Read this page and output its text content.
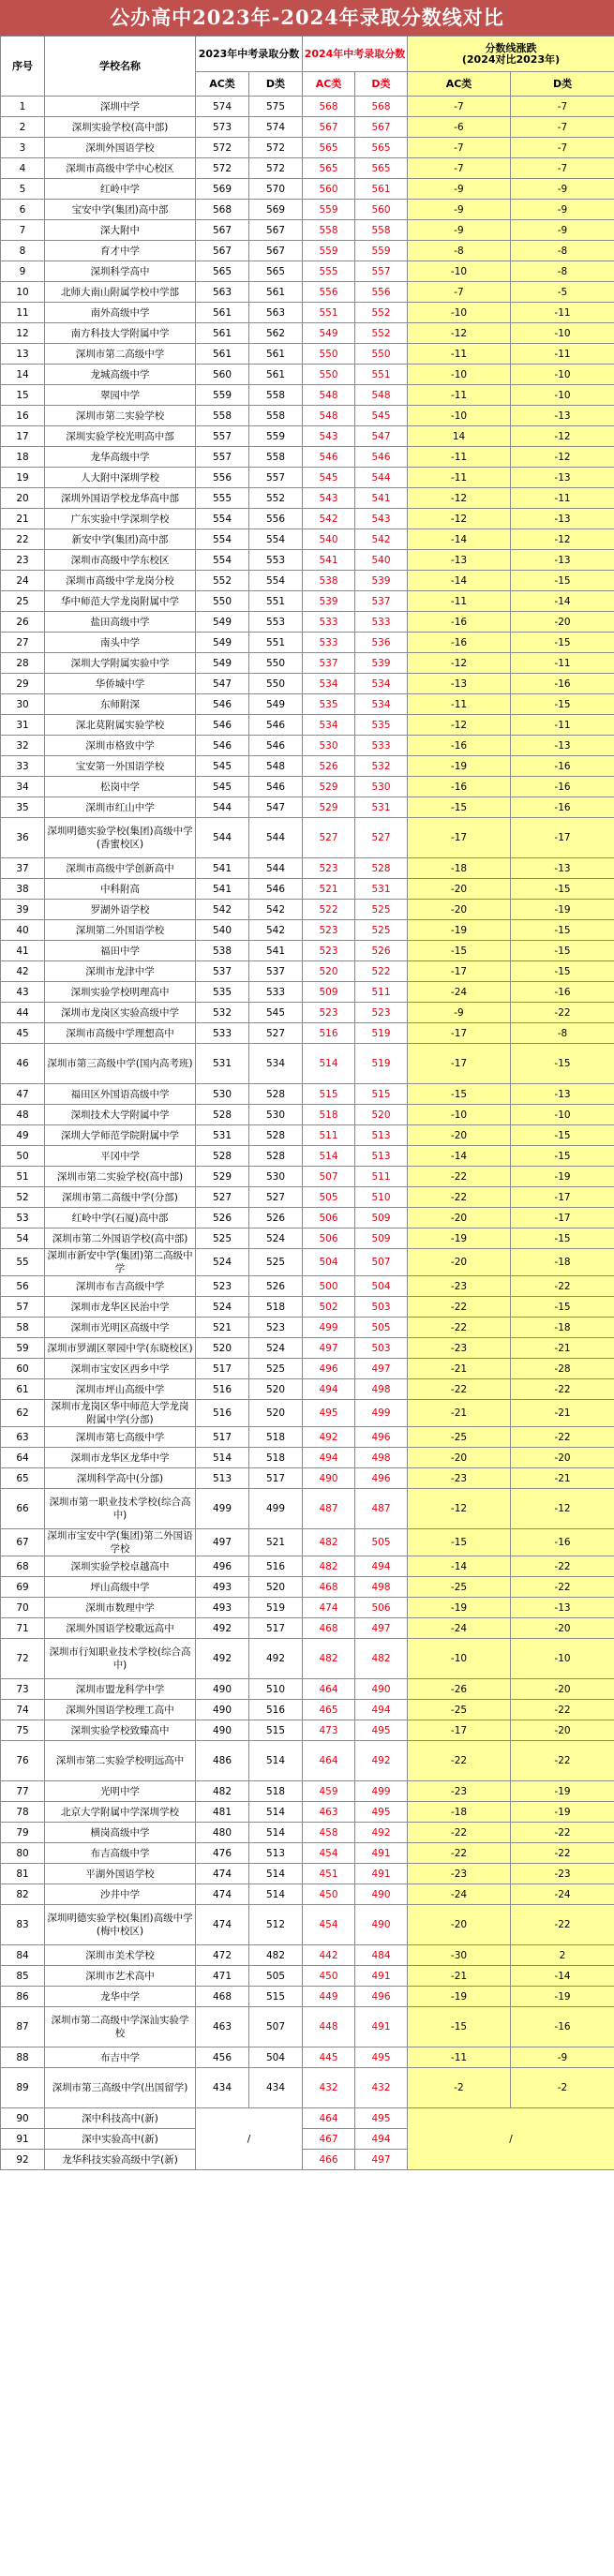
公办高中2023年-2024年录取分数线对比
序号	学校名称	2023年中考录取分数		2024年中考录取分数		分数线涨跌
(2024对比2023年)	

		AC类	D类	AC类	D类	AC类	D类
1	深圳中学	574	575	568	568	-7	-7
2	深圳实验学校(高中部)	573	574	567	567	-6	-7
3	深圳外国语学校	572	572	565	565	-7	-7
4	深圳市高级中学中心校区	572	572	565	565	-7	-7
5	红岭中学	569	570	560	561	-9	-9
6	宝安中学(集团)高中部	568	569	559	560	-9	-9
7	深大附中	567	567	558	558	-9	-9
8	育才中学	567	567	559	559	-8	-8
9	深圳科学高中	565	565	555	557	-10	-8
10	北师大南山附属学校中学部	563	561	556	556	-7	-5
11	南外高级中学	561	563	551	552	-10	-11
12	南方科技大学附属中学	561	562	549	552	-12	-10
13	深圳市第二高级中学	561	561	550	550	-11	-11
14	龙城高级中学	560	561	550	551	-10	-10
15	翠园中学	559	558	548	548	-11	-10
16	深圳市第二实验学校	558	558	548	545	-10	-13
17	深圳实验学校光明高中部	557	559	543	547	14	-12
18	龙华高级中学	557	558	546	546	-11	-12
19	人大附中深圳学校	556	557	545	544	-11	-13
20	深圳外国语学校龙华高中部	555	552	543	541	-12	-11
21	广东实验中学深圳学校	554	556	542	543	-12	-13
22	新安中学(集团)高中部	554	554	540	542	-14	-12
23	深圳市高级中学东校区	554	553	541	540	-13	-13
24	深圳市高级中学龙岗分校	552	554	538	539	-14	-15
25	华中师范大学龙岗附属中学	550	551	539	537	-11	-14
26	盐田高级中学	549	553	533	533	-16	-20
27	南头中学	549	551	533	536	-16	-15
28	深圳大学附属实验中学	549	550	537	539	-12	-11
29	华侨城中学	547	550	534	534	-13	-16
30	东师附深	546	549	535	534	-11	-15
31	深北莫附属实验学校	546	546	534	535	-12	-11
32	深圳市格致中学	546	546	530	533	-16	-13
33	宝安第一外国语学校	545	548	526	532	-19	-16
34	松岗中学	545	546	529	530	-16	-16
35	深圳市红山中学	544	547	529	531	-15	-16
36	深圳明德实验学校(集团)高级中学(香蜜校区)	544	544	527	527	-17	-17
37	深圳市高级中学创新高中	541	544	523	528	-18	-13
38	中科附高	541	546	521	531	-20	-15
39	罗湖外语学校	542	542	522	525	-20	-19
40	深圳第二外国语学校	540	542	523	525	-19	-15
41	福田中学	538	541	523	526	-15	-15
42	深圳市龙津中学	537	537	520	522	-17	-15
43	深圳实验学校明理高中	535	533	509	511	-24	-16
44	深圳市龙岗区实验高级中学	532	545	523	523	-9	-22
45	深圳市高级中学理想高中	533	527	516	519	-17	-8
46	深圳市第三高级中学(国内高考班)	531	534	514	519	-17	-15
47	福田区外国语高级中学	530	528	515	515	-15	-13
48	深圳技术大学附属中学	528	530	518	520	-10	-10
49	深圳大学师范学院附属中学	531	528	511	513	-20	-15
50	平冈中学	528	528	514	513	-14	-15
51	深圳市第二实验学校(高中部)	529	530	507	511	-22	-19
52	深圳市第二高级中学(分部)	527	527	505	510	-22	-17
53	红岭中学(石厦)高中部	526	526	506	509	-20	-17
54	深圳市第二外国语学校(高中部)	525	524	506	509	-19	-15
55	深圳市新安中学(集团)第二高级中学	524	525	504	507	-20	-18
56	深圳市布吉高级中学	523	526	500	504	-23	-22
57	深圳市龙华区民治中学	524	518	502	503	-22	-15
58	深圳市光明区高级中学	521	523	499	505	-22	-18
59	深圳市罗湖区翠园中学(东晓校区)	520	524	497	503	-23	-21
60	深圳市宝安区西乡中学	517	525	496	497	-21	-28
61	深圳市坪山高级中学	516	520	494	498	-22	-22
62	深圳市龙岗区华中师范大学龙岗附属中学(分部)	516	520	495	499	-21	-21
63	深圳市第七高级中学	517	518	492	496	-25	-22
64	深圳市龙华区龙华中学	514	518	494	498	-20	-20
65	深圳科学高中(分部)	513	517	490	496	-23	-21
66	深圳市第一职业技术学校(综合高中)	499	499	487	487	-12	-12
67	深圳市宝安中学(集团)第二外国语学校	497	521	482	505	-15	-16
68	深圳实验学校卓越高中	496	516	482	494	-14	-22
69	坪山高级中学	493	520	468	498	-25	-22
70	深圳市数理中学	493	519	474	506	-19	-13
71	深圳外国语学校歌远高中	492	517	468	497	-24	-20
72	深圳市行知职业技术学校(综合高中)	492	492	482	482	-10	-10
73	深圳市盟龙科学中学	490	510	464	490	-26	-20
74	深圳外国语学校理工高中	490	516	465	494	-25	-22
75	深圳实验学校致臻高中	490	515	473	495	-17	-20
76	深圳市第二实验学校明远高中	486	514	464	492	-22	-22
77	光明中学	482	518	459	499	-23	-19
78	北京大学附属中学深圳学校	481	514	463	495	-18	-19
79	横岗高级中学	480	514	458	492	-22	-22
80	布吉高级中学	476	513	454	491	-22	-22
81	平湖外国语学校	474	514	451	491	-23	-23
82	沙井中学	474	514	450	490	-24	-24
83	深圳明德实验学校(集团)高级中学(梅中校区)	474	512	454	490	-20	-22
84	深圳市美术学校	472	482	442	484	-30	2
85	深圳市艺术高中	471	505	450	491	-21	-14
86	龙华中学	468	515	449	496	-19	-19
87	深圳市第二高级中学深汕实验学校	463	507	448	491	-15	-16
88	布吉中学	456	504	445	495	-11	-9
89	深圳市第三高级中学(出国留学)	434	434	432	432	-2	-2
90	深中科技高中(新)	/		464	495	/	
91	深中实验高中(新)			467	494		
92	龙华科技实验高级中学(新)			466	497		
